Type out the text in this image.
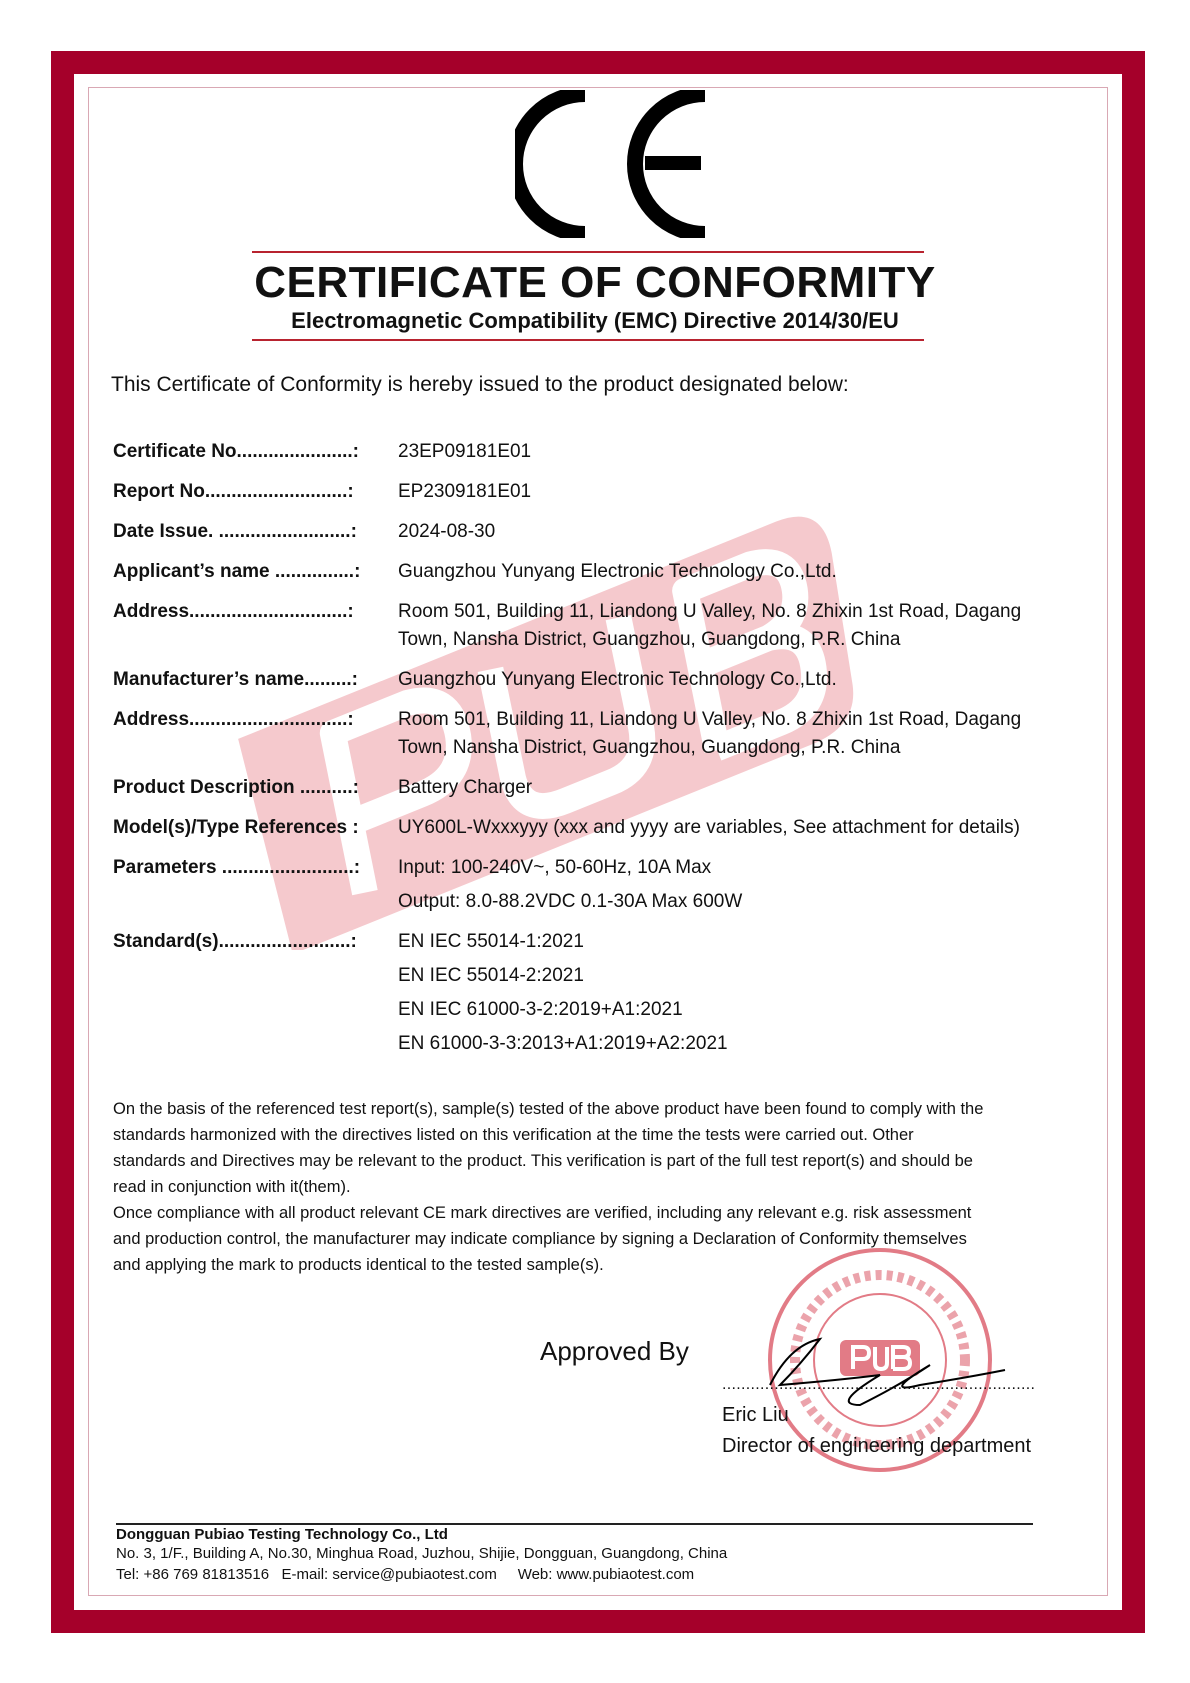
CERTIFICATE OF CONFORMITY
Electromagnetic Compatibility (EMC) Directive 2014/30/EU
This Certificate of Conformity is hereby issued to the product designated below:
Certificate No......................: 23EP09181E01
Report No...........................: EP2309181E01
Date Issue. .........................: 2024-08-30
Applicant’s name ...............: Guangzhou Yunyang Electronic Technology Co.,Ltd.
Address..............................: Room 501, Building 11, Liandong U Valley, No. 8 Zhixin 1st Road, Dagang
Town, Nansha District, Guangzhou, Guangdong, P.R. China
Manufacturer’s name.........: Guangzhou Yunyang Electronic Technology Co.,Ltd.
Address..............................: Room 501, Building 11, Liandong U Valley, No. 8 Zhixin 1st Road, Dagang
Town, Nansha District, Guangzhou, Guangdong, P.R. China
Product Description ..........: Battery Charger
Model(s)/Type References : UY600L-Wxxxyyy (xxx and yyyy are variables, See attachment for details)
Parameters .........................: Input: 100-240V~, 50-60Hz, 10A Max
Output: 8.0-88.2VDC 0.1-30A Max 600W
Standard(s).........................: EN IEC 55014-1:2021
EN IEC 55014-2:2021
EN IEC 61000-3-2:2019+A1:2021
EN 61000-3-3:2013+A1:2019+A2:2021
On the basis of the referenced test report(s), sample(s) tested of the above product have been found to comply with the
standards harmonized with the directives listed on this verification at the time the tests were carried out. Other
standards and Directives may be relevant to the product. This verification is part of the full test report(s) and should be
read in conjunction with it(them).
Once compliance with all product relevant CE mark directives are verified, including any relevant e.g. risk assessment
and production control, the manufacturer may indicate compliance by signing a Declaration of Conformity themselves
and applying the mark to products identical to the tested sample(s).
Approved By
..................................................................
Eric Liu
Director of engineering department
Dongguan Pubiao Testing Technology Co., Ltd
No. 3, 1/F., Building A, No.30, Minghua Road, Juzhou, Shijie, Dongguan, Guangdong, China
Tel: +86 769 81813516   E-mail: service@pubiaotest.com     Web: www.pubiaotest.com
